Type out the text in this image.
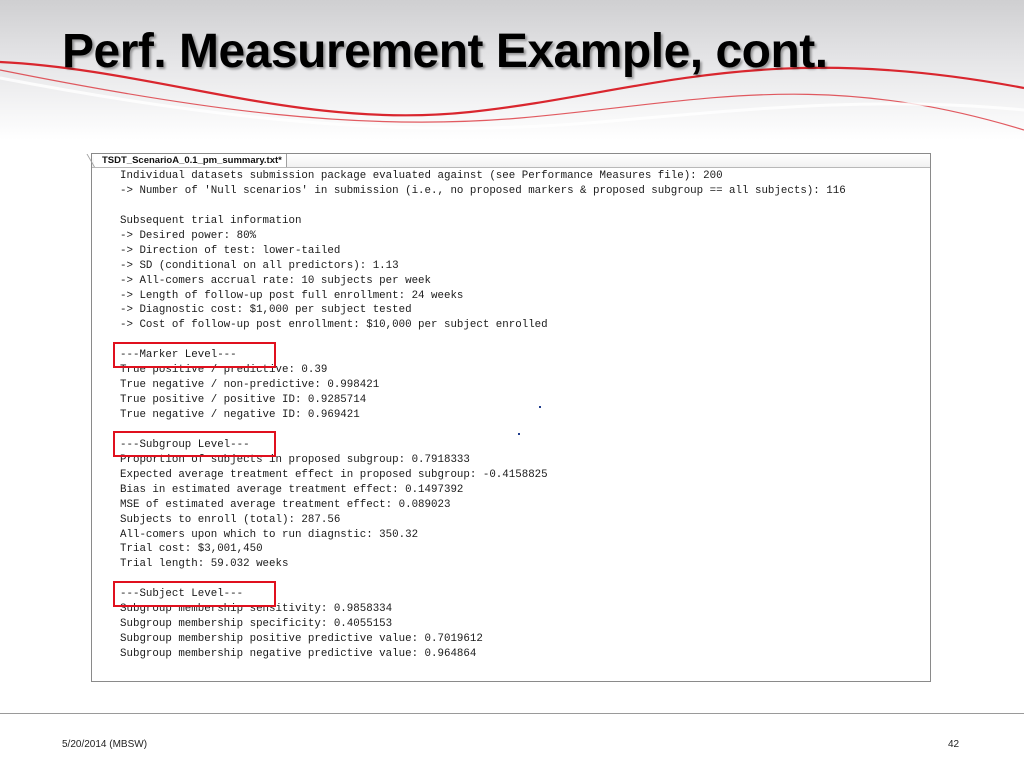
Perf. Measurement Example, cont.
TSDT_ScenarioA_0.1_pm_summary.txt*
Individual datasets submission package evaluated against (see Performance Measures file): 200
-> Number of 'Null scenarios' in submission (i.e., no proposed markers & proposed subgroup == all subjects): 116
Subsequent trial information
-> Desired power: 80%
-> Direction of test: lower-tailed
-> SD (conditional on all predictors): 1.13
-> All-comers accrual rate: 10 subjects per week
-> Length of follow-up post full enrollment: 24 weeks
-> Diagnostic cost: $1,000 per subject tested
-> Cost of follow-up post enrollment: $10,000 per subject enrolled
---Marker Level---
True positive / predictive: 0.39
True negative / non-predictive: 0.998421
True positive / positive ID: 0.9285714
True negative / negative ID: 0.969421
---Subgroup Level---
Proportion of subjects in proposed subgroup: 0.7918333
Expected average treatment effect in proposed subgroup: -0.4158825
Bias in estimated average treatment effect: 0.1497392
MSE of estimated average treatment effect: 0.089023
Subjects to enroll (total): 287.56
All-comers upon which to run diagnstic: 350.32
Trial cost: $3,001,450
Trial length: 59.032 weeks
---Subject Level---
Subgroup membership sensitivity: 0.9858334
Subgroup membership specificity: 0.4055153
Subgroup membership positive predictive value: 0.7019612
Subgroup membership negative predictive value: 0.964864
5/20/2014 (MBSW)	42
